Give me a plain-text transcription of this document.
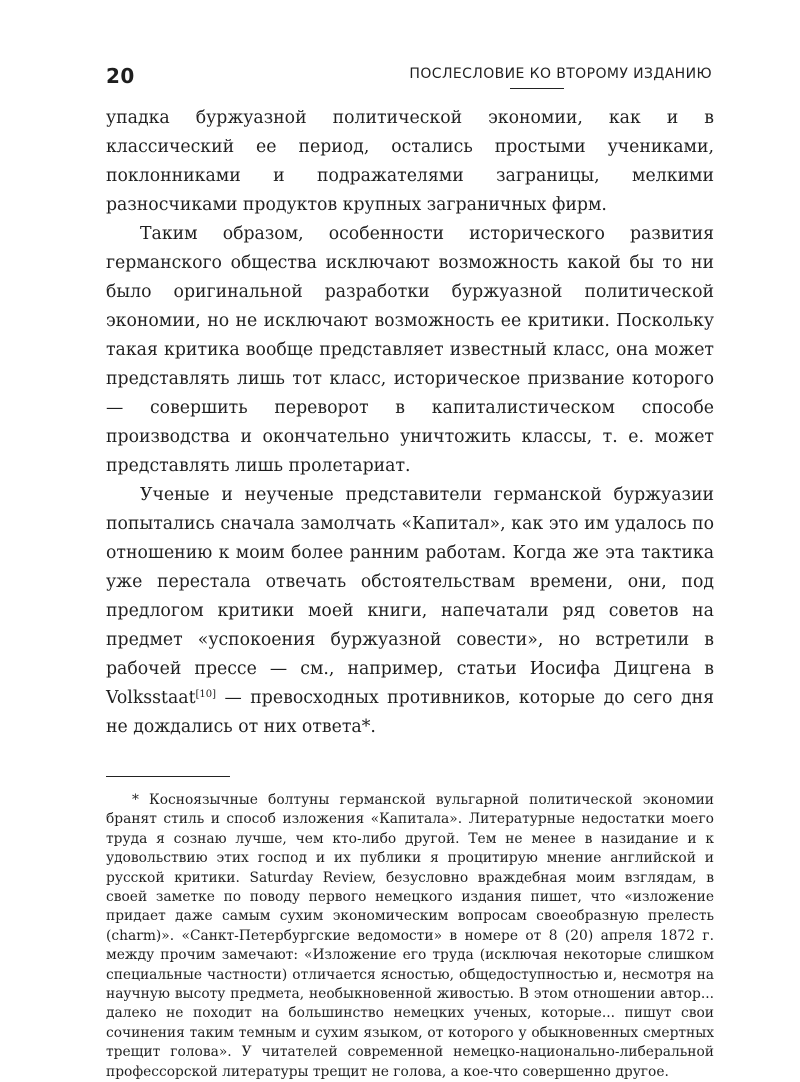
20	ПОСЛЕСЛОВИЕ КО ВТОРОМУ ИЗДАНИЮ

упадка буржуазной политической экономии, как и в классический ее период, остались простыми учениками, поклонниками и подражателями заграницы, мелкими разносчиками продуктов крупных заграничных фирм.

Таким образом, особенности исторического развития германского общества исключают возможность какой бы то ни было оригинальной разработки буржуазной политической экономии, но не исключают возможность ее критики. Поскольку такая критика вообще представляет известный класс, она может представлять лишь тот класс, историческое призвание которого — совершить переворот в капиталистическом способе производства и окончательно уничтожить классы, т. е. может представлять лишь пролетариат.

Ученые и неученые представители германской буржуазии попытались сначала замолчать «Капитал», как это им удалось по отношению к моим более ранним работам. Когда же эта тактика уже перестала отвечать обстоятельствам времени, они, под предлогом критики моей книги, напечатали ряд советов на предмет «успокоения буржуазной совести», но встретили в рабочей прессе — см., например, статьи Иосифа Дицгена в Volksstaat[10] — превосходных противников, которые до сего дня не дождались от них ответа*.

* Косноязычные болтуны германской вульгарной политической экономии бранят стиль и способ изложения «Капитала». Литературные недостатки моего труда я сознаю лучше, чем кто-либо другой. Тем не менее в назидание и к удовольствию этих господ и их публики я процитирую мнение английской и русской критики. Saturday Review, безусловно враждебная моим взглядам, в своей заметке по поводу первого немецкого издания пишет, что «изложение придает даже самым сухим экономическим вопросам своеобразную прелесть (charm)». «Санкт-Петербургские ведомости» в номере от 8 (20) апреля 1872 г. между прочим замечают: «Изложение его труда (исключая некоторые слишком специальные частности) отличается ясностью, общедоступностью и, несмотря на научную высоту предмета, необыкновенной живостью. В этом отношении автор... далеко не походит на большинство немецких ученых, которые... пишут свои сочинения таким темным и сухим языком, от которого у обыкновенных смертных трещит голова». У читателей современной немецко-национально-либеральной профессорской литературы трещит не голова, а кое-что совершенно другое.
